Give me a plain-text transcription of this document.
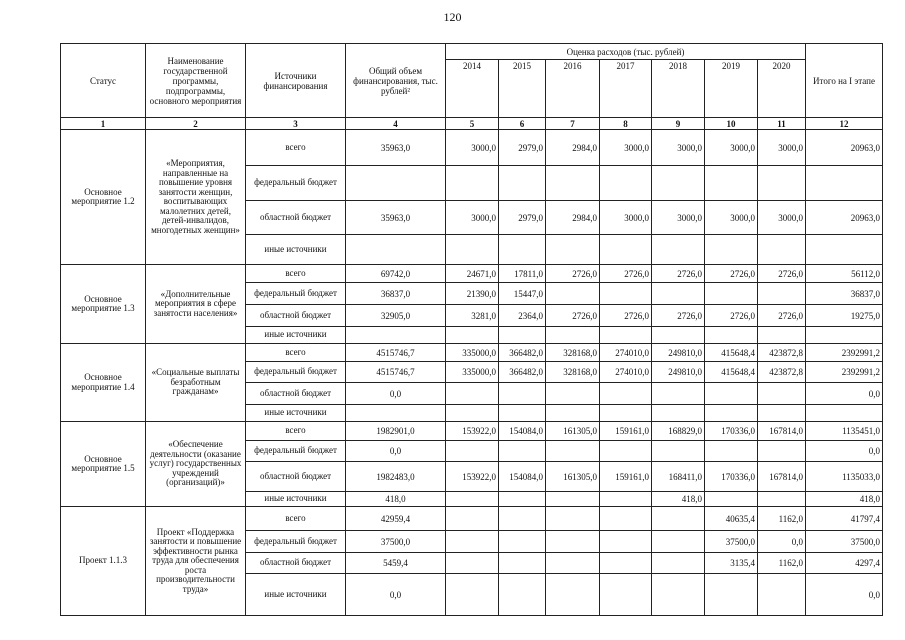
120
Статус	Наименование государственной программы, подпрограммы, основного мероприятия	Источники финансирования	Общий объем финансирования, тыс. рублей²	Оценка расходов (тыс. рублей)							Итого на I этапе
				2014	2015	2016	2017	2018	2019	2020	
1	2	3	4	5	6	7	8	9	10	11	12
Основное мероприятие 1.2	«Мероприятия, направленные на повышение уровня занятости женщин, воспитывающих малолетних детей, детей-инвалидов, многодетных женщин»	всего	35963,0	3000,0	2979,0	2984,0	3000,0	3000,0	3000,0	3000,0	20963,0
		федеральный бюджет									
		областной бюджет	35963,0	3000,0	2979,0	2984,0	3000,0	3000,0	3000,0	3000,0	20963,0
		иные источники									
Основное мероприятие 1.3	«Дополнительные мероприятия в сфере занятости населения»	всего	69742,0	24671,0	17811,0	2726,0	2726,0	2726,0	2726,0	2726,0	56112,0
		федеральный бюджет	36837,0	21390,0	15447,0						36837,0
		областной бюджет	32905,0	3281,0	2364,0	2726,0	2726,0	2726,0	2726,0	2726,0	19275,0
		иные источники									
Основное мероприятие 1.4	«Социальные выплаты безработным гражданам»	всего	4515746,7	335000,0	366482,0	328168,0	274010,0	249810,0	415648,4	423872,8	2392991,2
		федеральный бюджет	4515746,7	335000,0	366482,0	328168,0	274010,0	249810,0	415648,4	423872,8	2392991,2
		областной бюджет	0,0								0,0
		иные источники									
Основное мероприятие 1.5	«Обеспечение деятельности (оказание услуг) государственных учреждений (организаций)»	всего	1982901,0	153922,0	154084,0	161305,0	159161,0	168829,0	170336,0	167814,0	1135451,0
		федеральный бюджет	0,0								0,0
		областной бюджет	1982483,0	153922,0	154084,0	161305,0	159161,0	168411,0	170336,0	167814,0	1135033,0
		иные источники	418,0					418,0			418,0
Проект 1.1.3	Проект «Поддержка занятости и повышение эффективности рынка труда для обеспечения роста производительности труда»	всего	42959,4						40635,4	1162,0	41797,4
		федеральный бюджет	37500,0						37500,0	0,0	37500,0
		областной бюджет	5459,4						3135,4	1162,0	4297,4
		иные источники	0,0								0,0
